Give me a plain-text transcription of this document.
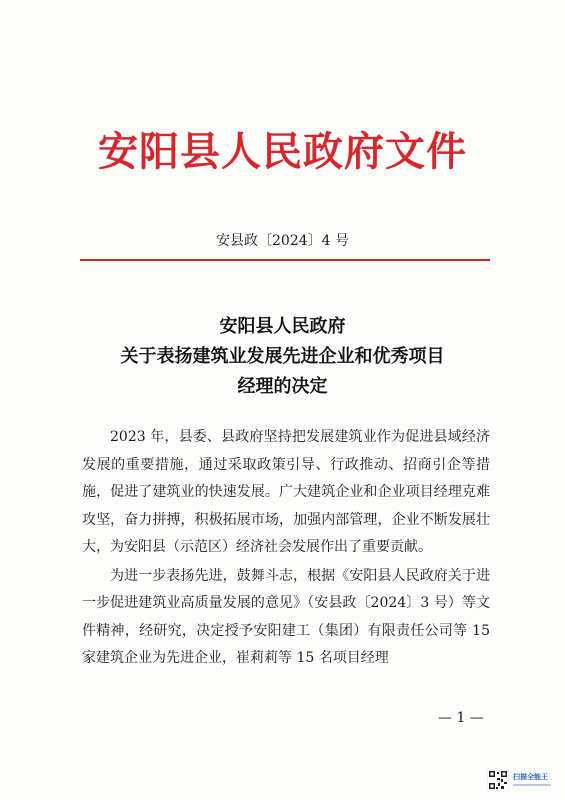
安阳县人民政府文件
安县政〔2024〕4 号
安阳县人民政府
关于表扬建筑业发展先进企业和优秀项目
经理的决定

2023 年，县委、县政府坚持把发展建筑业作为促进县域经济发展的重要措施，通过采取政策引导、行政推动、招商引企等措施，促进了建筑业的快速发展。广大建筑企业和企业项目经理克难攻坚，奋力拼搏，积极拓展市场，加强内部管理，企业不断发展壮大，为安阳县（示范区）经济社会发展作出了重要贡献。

为进一步表扬先进，鼓舞斗志，根据《安阳县人民政府关于进一步促进建筑业高质量发展的意见》（安县政〔2024〕3 号）等文件精神，经研究，决定授予安阳建工（集团）有限责任公司等 15 家建筑企业为先进企业，崔莉莉等 15 名项目经理

— 1 —
扫描全能王
